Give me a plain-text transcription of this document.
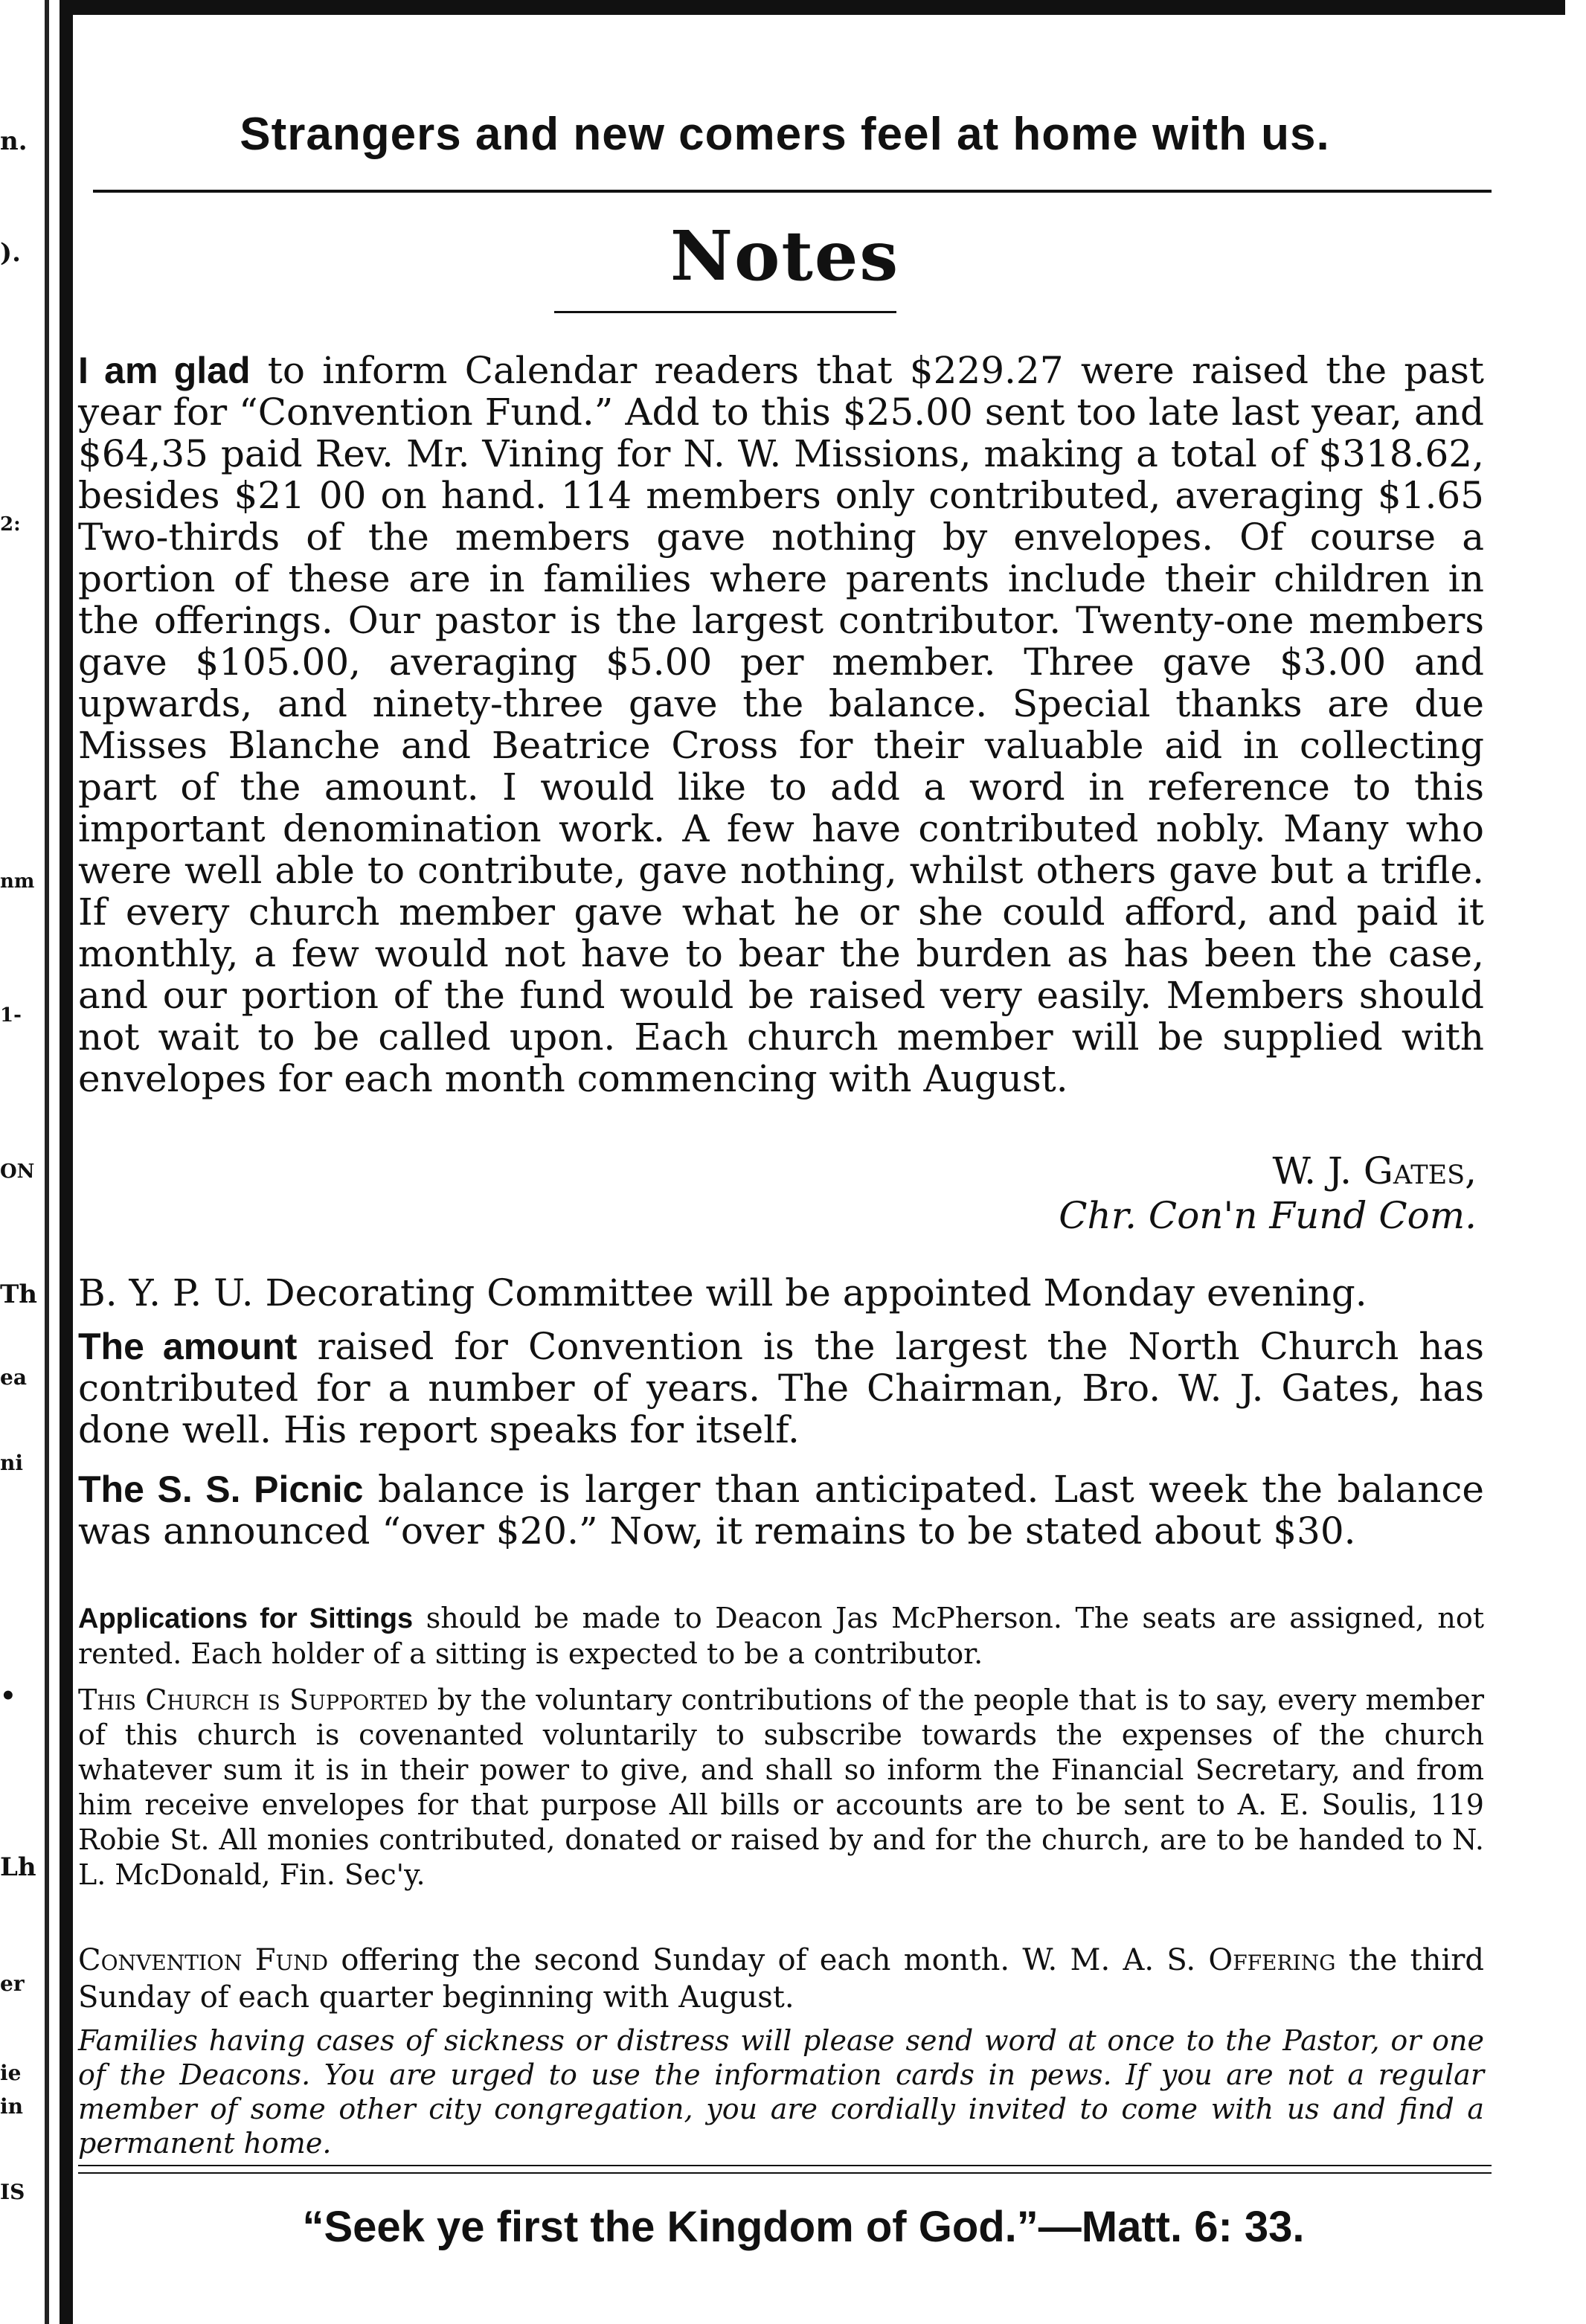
n.
).
2:
nm
1-
ON
Th
ea
ni
•
Lh
er
ie
in
IS
Strangers and new comers feel at home with us.
Notes
I am glad to inform Calendar readers that $229.27 were raised the past year for “Convention Fund.” Add to this $25.00 sent too late last year, and $64,35 paid Rev. Mr. Vining for N. W. Missions, making a total of $318.62, besides $21 00 on hand. 114 members only contributed, averaging $1.65 Two-thirds of the members gave nothing by envelopes. Of course a portion of these are in families where parents include their children in the offerings. Our pastor is the largest contributor. Twenty-one members gave $105.00, averaging $5.00 per member. Three gave $3.00 and upwards, and ninety-three gave the balance. Special thanks are due Misses Blanche and Beatrice Cross for their valuable aid in collecting part of the amount. I would like to add a word in reference to this important denomination work. A few have contributed nobly. Many who were well able to contribute, gave nothing, whilst others gave but a trifle. If every church member gave what he or she could afford, and paid it monthly, a few would not have to bear the burden as has been the case, and our portion of the fund would be raised very easily. Members should not wait to be called upon. Each church member will be supplied with envelopes for each month commencing with August.
W. J. Gates,
Chr. Con'n Fund Com.
B. Y. P. U. Decorating Committee will be appointed Monday evening.
The amount raised for Convention is the largest the North Church has contributed for a number of years. The Chairman, Bro. W. J. Gates, has done well. His report speaks for itself.
The S. S. Picnic balance is larger than anticipated. Last week the balance was announced “over $20.” Now, it remains to be stated about $30.
Applications for Sittings should be made to Deacon Jas McPherson. The seats are assigned, not rented. Each holder of a sitting is expected to be a contributor.
This Church is Supported by the voluntary contributions of the people that is to say, every member of this church is covenanted voluntarily to subscribe towards the expenses of the church whatever sum it is in their power to give, and shall so inform the Financial Secretary, and from him receive envelopes for that purpose All bills or accounts are to be sent to A. E. Soulis, 119 Robie St. All monies contributed, donated or raised by and for the church, are to be handed to N. L. McDonald, Fin. Sec'y.
Convention Fund offering the second Sunday of each month. W. M. A. S. Offering the third Sunday of each quarter beginning with August.
Families having cases of sickness or distress will please send word at once to the Pastor, or one of the Deacons. You are urged to use the information cards in pews. If you are not a regular member of some other city congregation, you are cordially invited to come with us and find a permanent home.
“Seek ye first the Kingdom of God.”—Matt. 6: 33.
